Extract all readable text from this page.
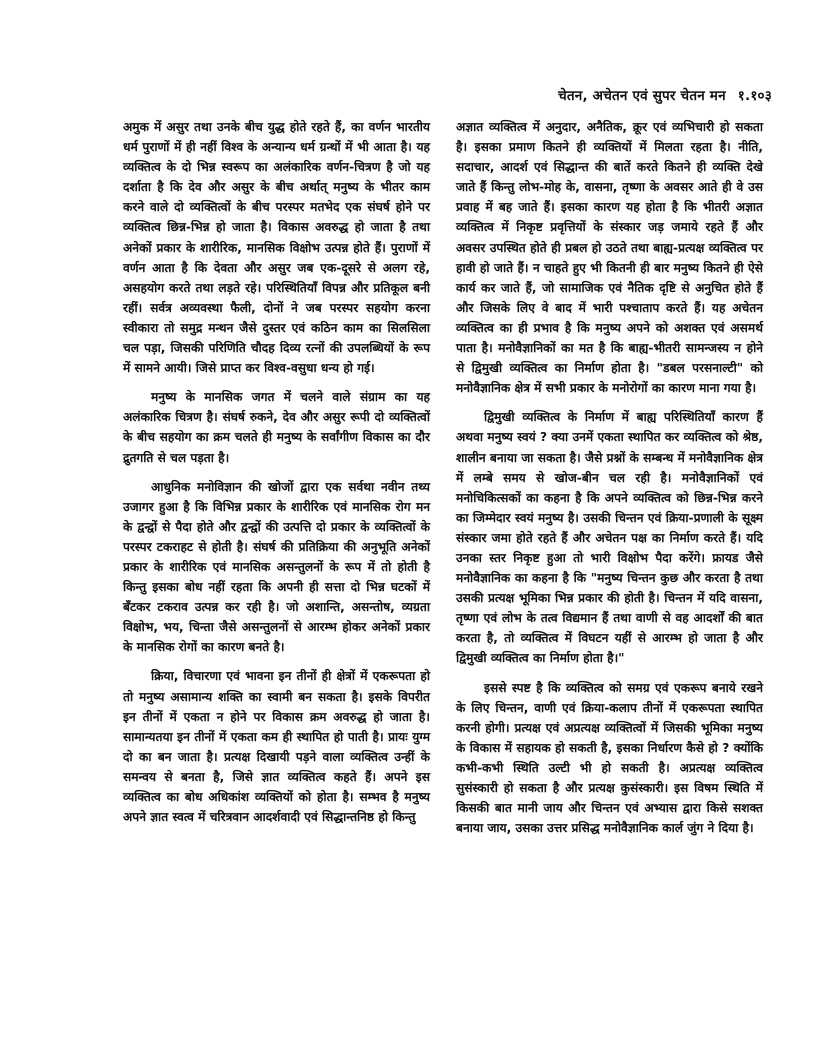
चेतन, अचेतन एवं सुपर चेतन मन १.१०३

अमुक में असुर तथा उनके बीच युद्ध होते रहते हैं, का वर्णन भारतीय धर्म पुराणों में ही नहीं विश्व के अन्यान्य धर्म ग्रन्थों में भी आता है। यह व्यक्तित्व के दो भिन्न स्वरूप का अलंकारिक वर्णन-चित्रण है जो यह दर्शाता है कि देव और असुर के बीच अर्थात् मनुष्य के भीतर काम करने वाले दो व्यक्तित्वों के बीच परस्पर मतभेद एक संघर्ष होने पर व्यक्तित्व छिन्न-भिन्न हो जाता है। विकास अवरुद्ध हो जाता है तथा अनेकों प्रकार के शारीरिक, मानसिक विक्षोभ उत्पन्न होते हैं। पुराणों में वर्णन आता है कि देवता और असुर जब एक-दूसरे से अलग रहे, असहयोग करते तथा लड़ते रहे। परिस्थितियाँ विपन्न और प्रतिकूल बनी रहीं। सर्वत्र अव्यवस्था फैली, दोनों ने जब परस्पर सहयोग करना स्वीकारा तो समुद्र मन्थन जैसे दुस्तर एवं कठिन काम का सिलसिला चल पड़ा, जिसकी परिणिति चौदह दिव्य रत्नों की उपलब्धियों के रूप में सामने आयी। जिसे प्राप्त कर विश्व-वसुधा धन्य हो गई।

मनुष्य के मानसिक जगत में चलने वाले संग्राम का यह अलंकारिक चित्रण है। संघर्ष रुकने, देव और असुर रूपी दो व्यक्तित्वों के बीच सहयोग का क्रम चलते ही मनुष्य के सर्वांगीण विकास का दौर द्रुतगति से चल पड़ता है।

आधुनिक मनोविज्ञान की खोजों द्वारा एक सर्वथा नवीन तथ्य उजागर हुआ है कि विभिन्न प्रकार के शारीरिक एवं मानसिक रोग मन के द्वन्द्वों से पैदा होते और द्वन्द्वों की उत्पत्ति दो प्रकार के व्यक्तित्वों के परस्पर टकराहट से होती है। संघर्ष की प्रतिक्रिया की अनुभूति अनेकों प्रकार के शारीरिक एवं मानसिक असन्तुलनों के रूप में तो होती है किन्तु इसका बोध नहीं रहता कि अपनी ही सत्ता दो भिन्न घटकों में बँटकर टकराव उत्पन्न कर रही है। जो अशान्ति, असन्तोष, व्यग्रता विक्षोभ, भय, चिन्ता जैसे असन्तुलनों से आरम्भ होकर अनेकों प्रकार के मानसिक रोगों का कारण बनते है।

क्रिया, विचारणा एवं भावना इन तीनों ही क्षेत्रों में एकरूपता हो तो मनुष्य असामान्य शक्ति का स्वामी बन सकता है। इसके विपरीत इन तीनों में एकता न होने पर विकास क्रम अवरुद्ध हो जाता है। सामान्यतया इन तीनों में एकता कम ही स्थापित हो पाती है। प्रायः युग्म दो का बन जाता है। प्रत्यक्ष दिखायी पड़ने वाला व्यक्तित्व उन्हीं के समन्वय से बनता है, जिसे ज्ञात व्यक्तित्व कहते हैं। अपने इस व्यक्तित्व का बोध अधिकांश व्यक्तियों को होता है। सम्भव है मनुष्य अपने ज्ञात स्वत्व में चरित्रवान आदर्शवादी एवं सिद्धान्तनिष्ठ हो किन्तु

अज्ञात व्यक्तित्व में अनुदार, अनैतिक, क्रूर एवं व्यभिचारी हो सकता है। इसका प्रमाण कितने ही व्यक्तियों में मिलता रहता है। नीति, सदाचार, आदर्श एवं सिद्धान्त की बातें करते कितने ही व्यक्ति देखे जाते हैं किन्तु लोभ-मोह के, वासना, तृष्णा के अवसर आते ही वे उस प्रवाह में बह जाते हैं। इसका कारण यह होता है कि भीतरी अज्ञात व्यक्तित्व में निकृष्ट प्रवृत्तियों के संस्कार जड़ जमाये रहते हैं और अवसर उपस्थित होते ही प्रबल हो उठते तथा बाह्य-प्रत्यक्ष व्यक्तित्व पर हावी हो जाते हैं। न चाहते हुए भी कितनी ही बार मनुष्य कितने ही ऐसे कार्य कर जाते हैं, जो सामाजिक एवं नैतिक दृष्टि से अनुचित होते हैं और जिसके लिए वे बाद में भारी पश्चाताप करते हैं। यह अचेतन व्यक्तित्व का ही प्रभाव है कि मनुष्य अपने को अशक्त एवं असमर्थ पाता है। मनोवैज्ञानिकों का मत है कि बाह्य-भीतरी सामन्जस्य न होने से द्विमुखी व्यक्तित्व का निर्माण होता है। "डबल परसनाल्टी" को मनोवैज्ञानिक क्षेत्र में सभी प्रकार के मनोरोगों का कारण माना गया है।

द्विमुखी व्यक्तित्व के निर्माण में बाह्य परिस्थितियाँ कारण हैं अथवा मनुष्य स्वयं ? क्या उनमें एकता स्थापित कर व्यक्तित्व को श्रेष्ठ, शालीन बनाया जा सकता है। जैसे प्रश्नों के सम्बन्ध में मनोवैज्ञानिक क्षेत्र में लम्बे समय से खोज-बीन चल रही है। मनोवैज्ञानिकों एवं मनोचिकित्सकों का कहना है कि अपने व्यक्तित्व को छिन्न-भिन्न करने का जिम्मेदार स्वयं मनुष्य है। उसकी चिन्तन एवं क्रिया-प्रणाली के सूक्ष्म संस्कार जमा होते रहते हैं और अचेतन पक्ष का निर्माण करते हैं। यदि उनका स्तर निकृष्ट हुआ तो भारी विक्षोभ पैदा करेंगे। फ्रायड जैसे मनोवैज्ञानिक का कहना है कि "मनुष्य चिन्तन कुछ और करता है तथा उसकी प्रत्यक्ष भूमिका भिन्न प्रकार की होती है। चिन्तन में यदि वासना, तृष्णा एवं लोभ के तत्व विद्यमान हैं तथा वाणी से वह आदर्शों की बात करता है, तो व्यक्तित्व में विघटन यहीं से आरम्भ हो जाता है और द्विमुखी व्यक्तित्व का निर्माण होता है।"

इससे स्पष्ट है कि व्यक्तित्व को समग्र एवं एकरूप बनाये रखने के लिए चिन्तन, वाणी एवं क्रिया-कलाप तीनों में एकरूपता स्थापित करनी होगी। प्रत्यक्ष एवं अप्रत्यक्ष व्यक्तित्वों में जिसकी भूमिका मनुष्य के विकास में सहायक हो सकती है, इसका निर्धारण कैसे हो ? क्योंकि कभी-कभी स्थिति उल्टी भी हो सकती है। अप्रत्यक्ष व्यक्तित्व सुसंस्कारी हो सकता है और प्रत्यक्ष कुसंस्कारी। इस विषम स्थिति में किसकी बात मानी जाय और चिन्तन एवं अभ्यास द्वारा किसे सशक्त बनाया जाय, उसका उत्तर प्रसिद्ध मनोवैज्ञानिक कार्ल जुंग ने दिया है।
